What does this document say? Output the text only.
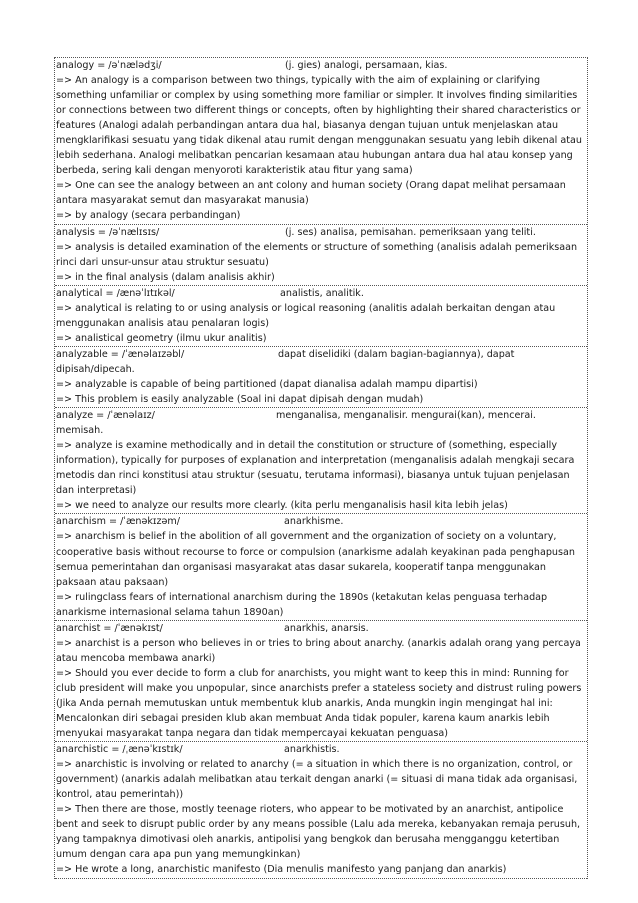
analogy = /əˈnælədʒi/	(j. gies) analogi, persamaan, kias.
=> An analogy is a comparison between two things, typically with the aim of explaining or clarifying
something unfamiliar or complex by using something more familiar or simpler. It involves finding similarities
or connections between two different things or concepts, often by highlighting their shared characteristics or
features (Analogi adalah perbandingan antara dua hal, biasanya dengan tujuan untuk menjelaskan atau
mengklarifikasi sesuatu yang tidak dikenal atau rumit dengan menggunakan sesuatu yang lebih dikenal atau
lebih sederhana. Analogi melibatkan pencarian kesamaan atau hubungan antara dua hal atau konsep yang
berbeda, sering kali dengan menyoroti karakteristik atau fitur yang sama)
=> One can see the analogy between an ant colony and human society (Orang dapat melihat persamaan
antara masyarakat semut dan masyarakat manusia)
=> by analogy (secara perbandingan)
analysis = /əˈnælɪsɪs/	(j. ses) analisa, pemisahan. pemeriksaan yang teliti.
=> analysis is detailed examination of the elements or structure of something (analisis adalah pemeriksaan
rinci dari unsur-unsur atau struktur sesuatu)
=> in the final analysis (dalam analisis akhir)
analytical = /ænəˈlɪtɪkəl/	analistis, analitik.
=> analytical is relating to or using analysis or logical reasoning (analitis adalah berkaitan dengan atau
menggunakan analisis atau penalaran logis)
=> analistical geometry (ilmu ukur analitis)
analyzable = /ˈænəlaɪzəbl/	dapat diselidiki (dalam bagian-bagiannya), dapat
dipisah/dipecah.
=> analyzable is capable of being partitioned (dapat dianalisa adalah mampu dipartisi)
=> This problem is easily analyzable (Soal ini dapat dipisah dengan mudah)
analyze = /ˈænəlaɪz/	menganalisa, menganalisir. mengurai(kan), mencerai.
memisah.
=> analyze is examine methodically and in detail the constitution or structure of (something, especially
information), typically for purposes of explanation and interpretation (menganalisis adalah mengkaji secara
metodis dan rinci konstitusi atau struktur (sesuatu, terutama informasi), biasanya untuk tujuan penjelasan
dan interpretasi)
=> we need to analyze our results more clearly. (kita perlu menganalisis hasil kita lebih jelas)
anarchism = /ˈænəkɪzəm/	anarkhisme.
=> anarchism is belief in the abolition of all government and the organization of society on a voluntary,
cooperative basis without recourse to force or compulsion (anarkisme adalah keyakinan pada penghapusan
semua pemerintahan dan organisasi masyarakat atas dasar sukarela, kooperatif tanpa menggunakan
paksaan atau paksaan)
=> rulingclass fears of international anarchism during the 1890s (ketakutan kelas penguasa terhadap
anarkisme internasional selama tahun 1890an)
anarchist = /ˈænəkɪst/	anarkhis, anarsis.
=> anarchist is a person who believes in or tries to bring about anarchy. (anarkis adalah orang yang percaya
atau mencoba membawa anarki)
=> Should you ever decide to form a club for anarchists, you might want to keep this in mind: Running for
club president will make you unpopular, since anarchists prefer a stateless society and distrust ruling powers
(Jika Anda pernah memutuskan untuk membentuk klub anarkis, Anda mungkin ingin mengingat hal ini:
Mencalonkan diri sebagai presiden klub akan membuat Anda tidak populer, karena kaum anarkis lebih
menyukai masyarakat tanpa negara dan tidak mempercayai kekuatan penguasa)
anarchistic = /ˌænəˈkɪstɪk/	anarkhistis.
=> anarchistic is involving or related to anarchy (= a situation in which there is no organization, control, or
government) (anarkis adalah melibatkan atau terkait dengan anarki (= situasi di mana tidak ada organisasi,
kontrol, atau pemerintah))
=> Then there are those, mostly teenage rioters, who appear to be motivated by an anarchist, antipolice
bent and seek to disrupt public order by any means possible (Lalu ada mereka, kebanyakan remaja perusuh,
yang tampaknya dimotivasi oleh anarkis, antipolisi yang bengkok dan berusaha mengganggu ketertiban
umum dengan cara apa pun yang memungkinkan)
=> He wrote a long, anarchistic manifesto (Dia menulis manifesto yang panjang dan anarkis)
